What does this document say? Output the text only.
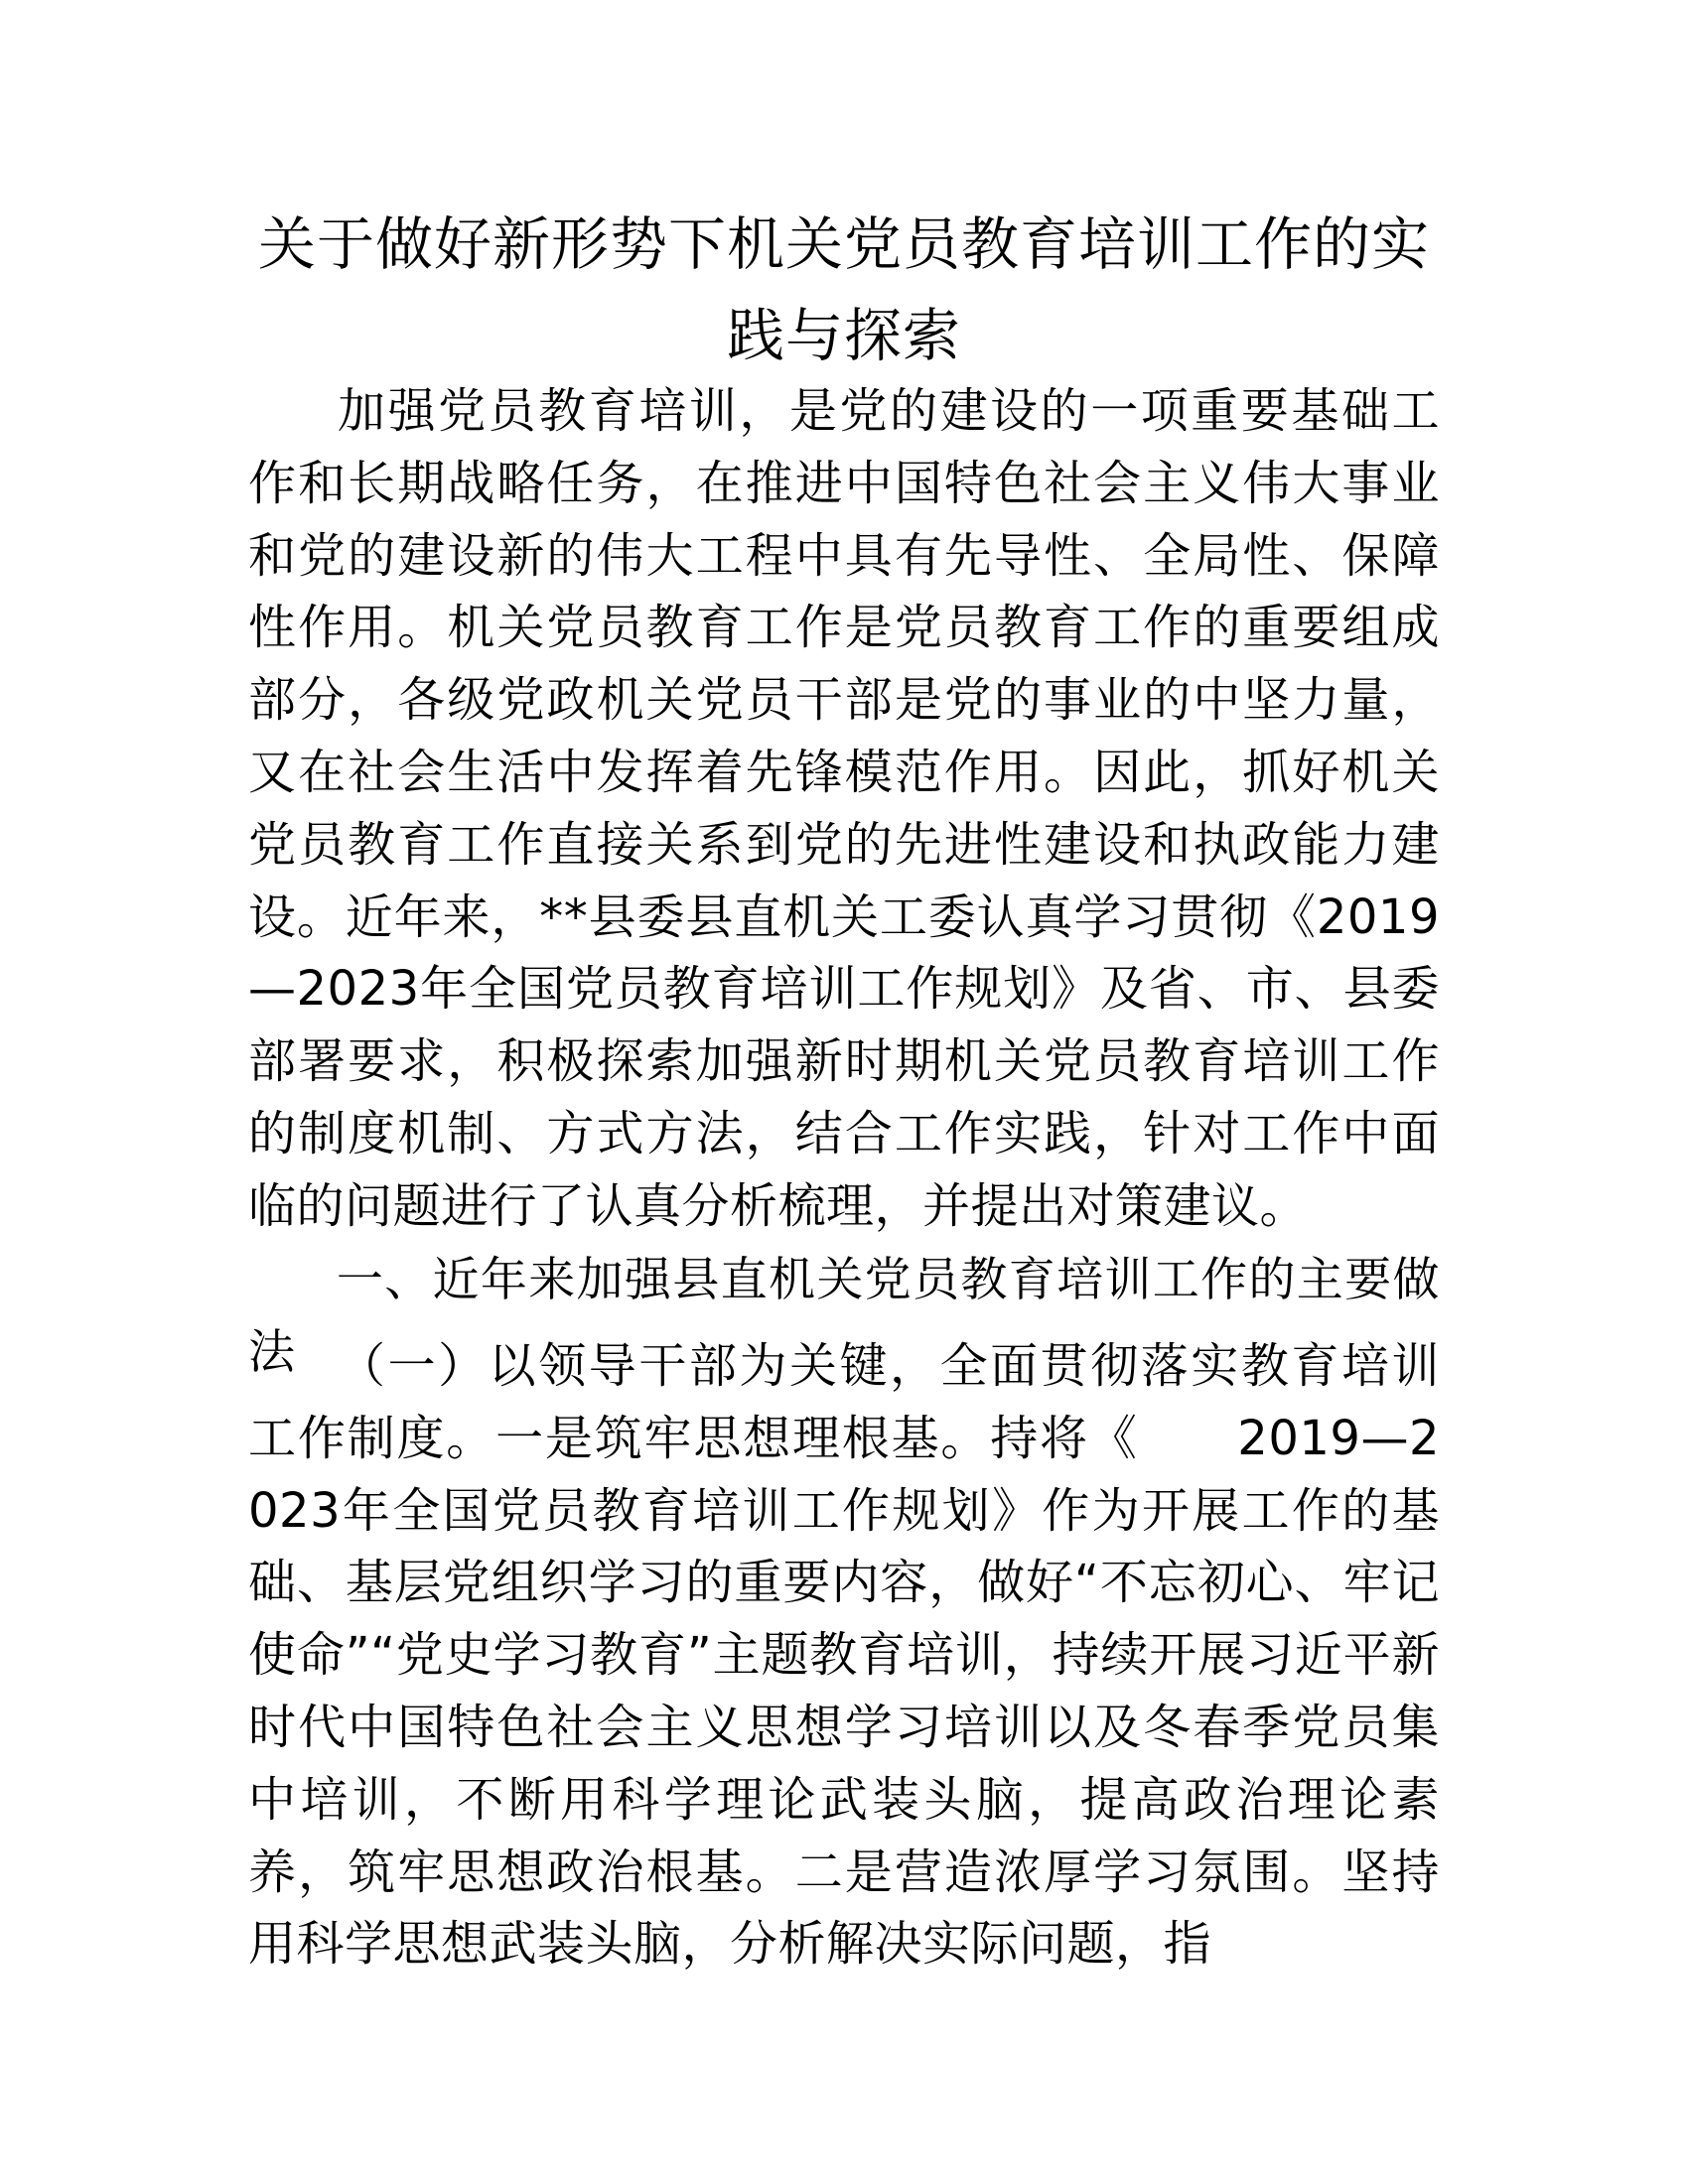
关于做好新形势下机关党员教育培训工作的实
践与探索

加强党员教育培训，是党的建设的一项重要基础工作和长期战略任务，在推进中国特色社会主义伟大事业和党的建设新的伟大工程中具有先导性、全局性、保障性作用。机关党员教育工作是党员教育工作的重要组成部分，各级党政机关党员干部是党的事业的中坚力量，又在社会生活中发挥着先锋模范作用。因此，抓好机关党员教育工作直接关系到党的先进性建设和执政能力建设。近年来，**县委县直机关工委认真学习贯彻《2019—2023年全国党员教育培训工作规划》及省、市、县委部署要求，积极探索加强新时期机关党员教育培训工作的制度机制、方式方法，结合工作实践，针对工作中面临的问题进行了认真分析梳理，并提出对策建议。

一、近年来加强县直机关党员教育培训工作的主要做法 （一）以领导干部为关键，全面贯彻落实教育培训工作制度。一是筑牢思想理根基。持将《　　2019—2023年全国党员教育培训工作规划》作为开展工作的基础、基层党组织学习的重要内容，做好“不忘初心、牢记使命”“党史学习教育”主题教育培训，持续开展习近平新时代中国特色社会主义思想学习培训以及冬春季党员集中培训，不断用科学理论武装头脑，提高政治理论素养，筑牢思想政治根基。二是营造浓厚学习氛围。坚持用科学思想武装头脑，分析解决实际问题，指
